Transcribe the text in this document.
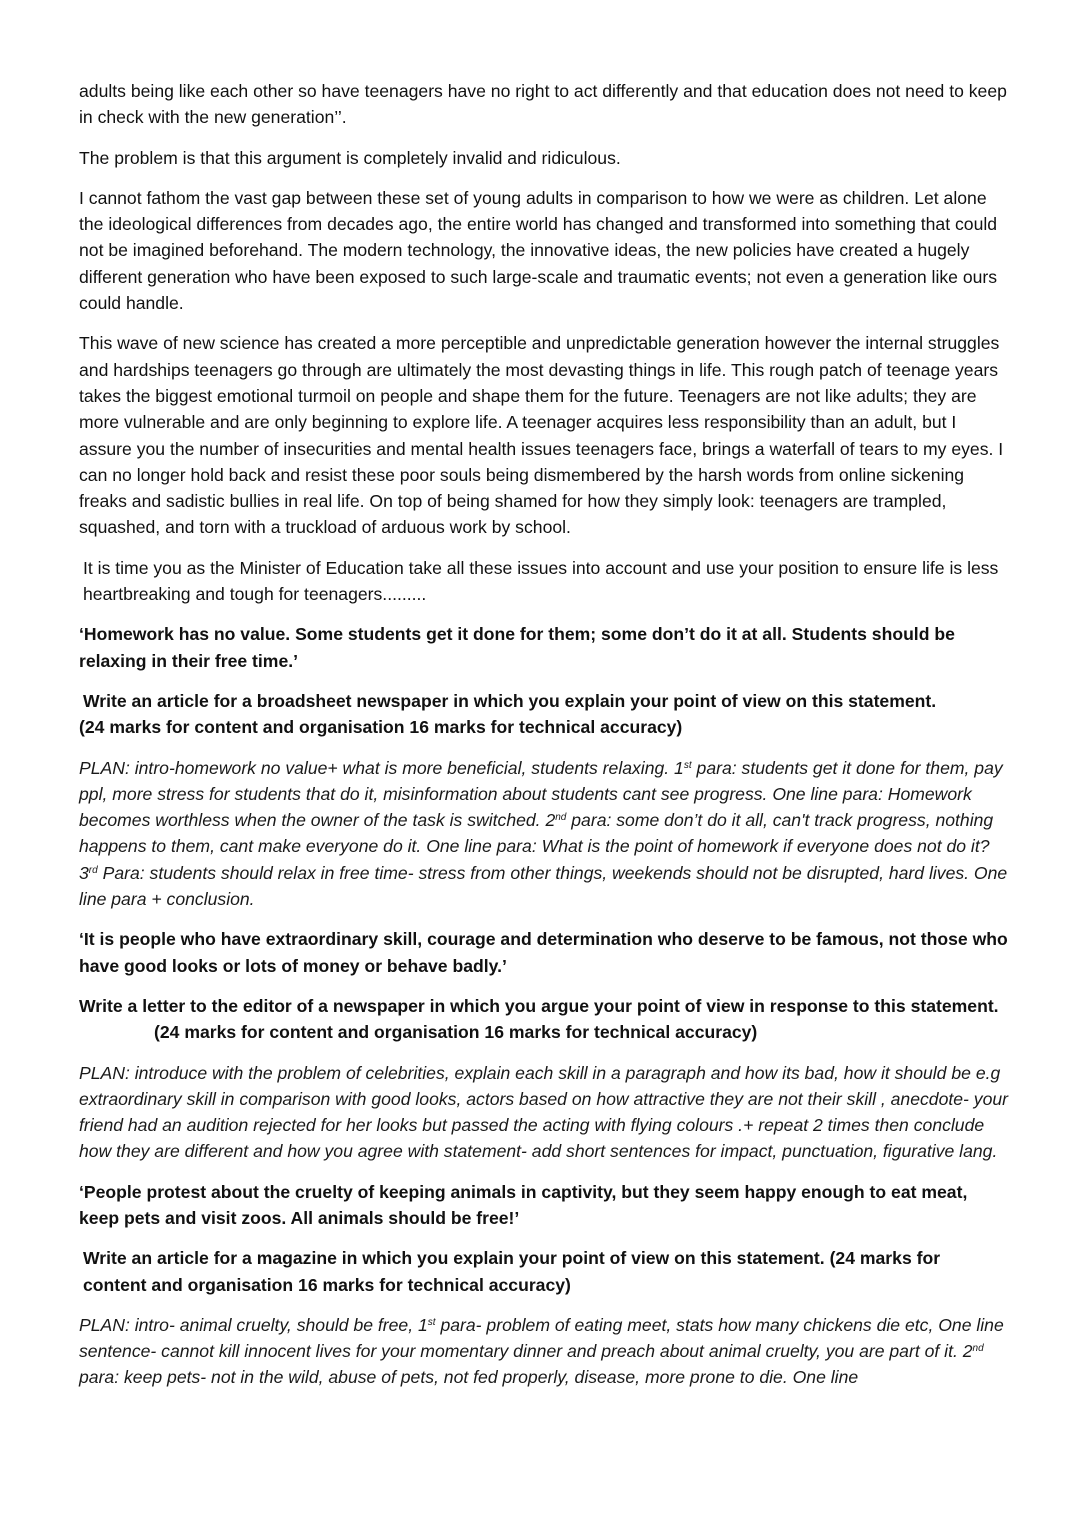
adults being like each other so have teenagers have no right to act differently and that education does not need to keep in check with the new generation’’.

The problem is that this argument is completely invalid and ridiculous.

I cannot fathom the vast gap between these set of young adults in comparison to how we were as children. Let alone the ideological differences from decades ago, the entire world has changed and transformed into something that could not be imagined beforehand. The modern technology, the innovative ideas, the new policies have created a hugely different generation who have been exposed to such large-scale and traumatic events; not even a generation like ours could handle.

This wave of new science has created a more perceptible and unpredictable generation however the internal struggles and hardships teenagers go through are ultimately the most devasting things in life. This rough patch of teenage years takes the biggest emotional turmoil on people and shape them for the future. Teenagers are not like adults; they are more vulnerable and are only beginning to explore life. A teenager acquires less responsibility than an adult, but I assure you the number of insecurities and mental health issues teenagers face, brings a waterfall of tears to my eyes. I can no longer hold back and resist these poor souls being dismembered by the harsh words from online sickening freaks and sadistic bullies in real life. On top of being shamed for how they simply look: teenagers are trampled, squashed, and torn with a truckload of arduous work by school.

It is time you as the Minister of Education take all these issues into account and use your position to ensure life is less heartbreaking and tough for teenagers.........

‘Homework has no value. Some students get it done for them; some don’t do it at all. Students should be relaxing in their free time.’

Write an article for a broadsheet newspaper in which you explain your point of view on this statement.
(24 marks for content and organisation 16 marks for technical accuracy)

PLAN: intro-homework no value+ what is more beneficial, students relaxing. 1st para: students get it done for them, pay ppl, more stress for students that do it, misinformation about students cant see progress. One line para: Homework becomes worthless when the owner of the task is switched. 2nd para: some don’t do it all, can't track progress, nothing happens to them, cant make everyone do it. One line para: What is the point of homework if everyone does not do it? 3rd Para: students should relax in free time- stress from other things, weekends should not be disrupted, hard lives. One line para + conclusion.

‘It is people who have extraordinary skill, courage and determination who deserve to be famous, not those who have good looks or lots of money or behave badly.’

Write a letter to the editor of a newspaper in which you argue your point of view in response to this statement.(24 marks for content and organisation 16 marks for technical accuracy)

PLAN: introduce with the problem of celebrities, explain each skill in a paragraph and how its bad, how it should be e.g extraordinary skill in comparison with good looks, actors based on how attractive they are not their skill , anecdote- your friend had an audition rejected for her looks but passed the acting with flying colours .+ repeat 2 times then conclude how they are different and how you agree with statement- add short sentences for impact, punctuation, figurative lang.

‘People protest about the cruelty of keeping animals in captivity, but they seem happy enough to eat meat, keep pets and visit zoos. All animals should be free!’

Write an article for a magazine in which you explain your point of view on this statement. (24 marks for content and organisation 16 marks for technical accuracy)

PLAN: intro- animal cruelty, should be free, 1st para- problem of eating meet, stats how many chickens die etc, One line sentence- cannot kill innocent lives for your momentary dinner and preach about animal cruelty, you are part of it. 2nd para: keep pets- not in the wild, abuse of pets, not fed properly, disease, more prone to die. One line
